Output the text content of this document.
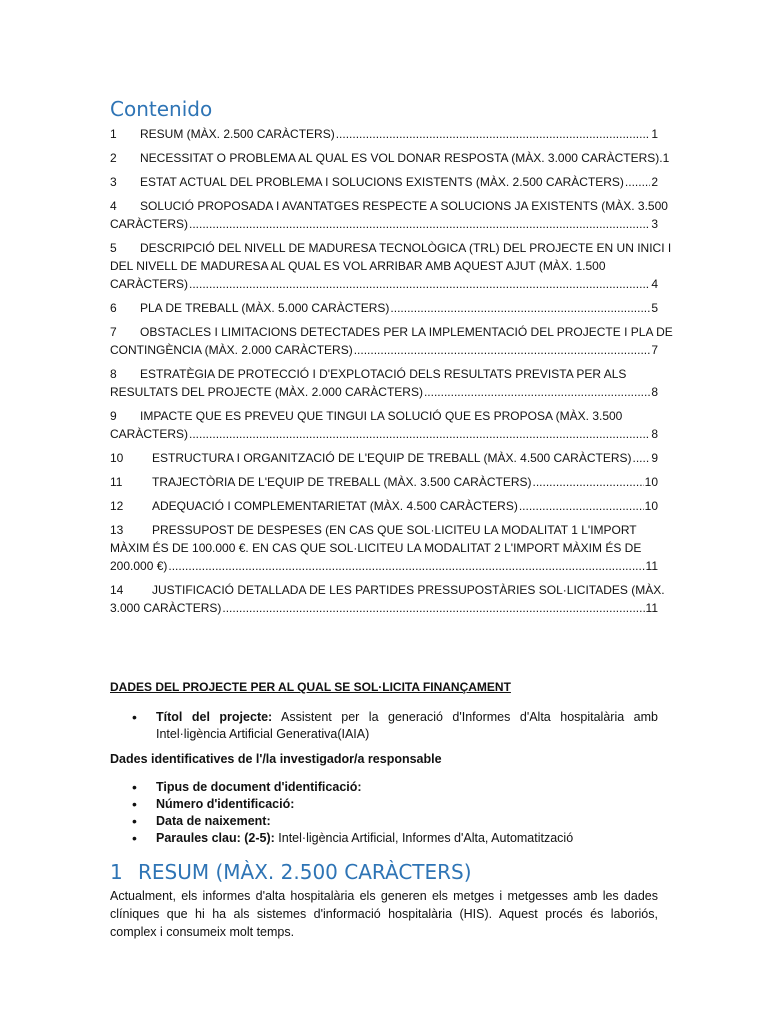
Contenido
1	RESUM (MÀX. 2.500 CARÀCTERS) .....	1
2	NECESSITAT O PROBLEMA AL QUAL ES VOL DONAR RESPOSTA (MÀX. 3.000 CARÀCTERS). 1
3	ESTAT ACTUAL DEL PROBLEMA I SOLUCIONS EXISTENTS (MÀX. 2.500 CARÀCTERS) ..... 2
4	SOLUCIÓ PROPOSADA I AVANTATGES RESPECTE A SOLUCIONS JA EXISTENTS (MÀX. 3.500
CARÀCTERS) .....	3
5	DESCRIPCIÓ DEL NIVELL DE MADURESA TECNOLÒGICA (TRL) DEL PROJECTE EN UN INICI I
DEL NIVELL DE MADURESA AL QUAL ES VOL ARRIBAR AMB AQUEST AJUT (MÀX. 1.500
CARÀCTERS) .....	4
6	PLA DE TREBALL (MÀX. 5.000 CARÀCTERS) .....	5
7	OBSTACLES I LIMITACIONS DETECTADES PER LA IMPLEMENTACIÓ DEL PROJECTE I PLA DE
CONTINGÈNCIA (MÀX. 2.000 CARÀCTERS) .....	7
8	ESTRATÈGIA DE PROTECCIÓ I D'EXPLOTACIÓ DELS RESULTATS PREVISTA PER ALS
RESULTATS DEL PROJECTE (MÀX. 2.000 CARÀCTERS) .....	8
9	IMPACTE QUE ES PREVEU QUE TINGUI LA SOLUCIÓ QUE ES PROPOSA (MÀX. 3.500
CARÀCTERS) .....	8
10	ESTRUCTURA I ORGANITZACIÓ DE L'EQUIP DE TREBALL (MÀX. 4.500 CARÀCTERS) ..... 9
11	TRAJECTÒRIA DE L'EQUIP DE TREBALL (MÀX. 3.500 CARÀCTERS) .....	10
12	ADEQUACIÓ I COMPLEMENTARIETAT (MÀX. 4.500 CARÀCTERS) .....	10
13	PRESSUPOST DE DESPESES (EN CAS QUE SOL·LICITEU LA MODALITAT 1 L'IMPORT
MÀXIM ÉS DE 100.000 €. EN CAS QUE SOL·LICITEU LA MODALITAT 2 L'IMPORT MÀXIM ÉS DE
200.000 €) .....	11
14	JUSTIFICACIÓ DETALLADA DE LES PARTIDES PRESSUPOSTÀRIES SOL·LICITADES (MÀX.
3.000 CARÀCTERS) .....	11
DADES DEL PROJECTE PER AL QUAL SE SOL·LICITA FINANÇAMENT
• Títol del projecte: Assistent per la generació d'Informes d'Alta hospitalària amb Intel·ligència Artificial Generativa(IAIA)
Dades identificatives de l'/la investigador/a responsable
• Tipus de document d'identificació:
• Número d'identificació:
• Data de naixement:
• Paraules clau: (2-5): Intel·ligència Artificial, Informes d'Alta, Automatització
1 RESUM (MÀX. 2.500 CARÀCTERS)

Actualment, els informes d'alta hospitalària els generen els metges i metgesses amb les dades clíniques que hi ha als sistemes d'informació hospitalària (HIS). Aquest procés és laboriós, complex i consumeix molt temps.
